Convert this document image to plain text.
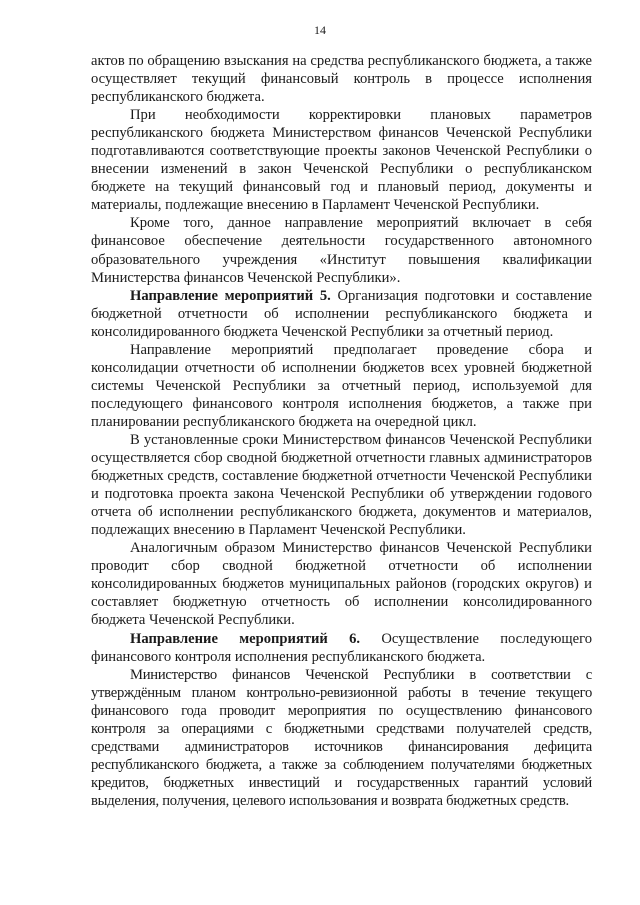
14

актов по обращению взыскания на средства республиканского бюджета, а также осуществляет текущий финансовый контроль в процессе исполнения республиканского бюджета.

При необходимости корректировки плановых параметров республиканского бюджета Министерством финансов Чеченской Республики подготавливаются соответствующие проекты законов Чеченской Республики о внесении изменений в закон Чеченской Республики о республиканском бюджете на текущий финансовый год и плановый период, документы и материалы, подлежащие внесению в Парламент Чеченской Республики.

Кроме того, данное направление мероприятий включает в себя финансовое обеспечение деятельности государственного автономного образовательного учреждения «Институт повышения квалификации Министерства финансов Чеченской Республики».

Направление мероприятий 5. Организация подготовки и составление бюджетной отчетности об исполнении республиканского бюджета и консолидированного бюджета Чеченской Республики за отчетный период.

Направление мероприятий предполагает проведение сбора и консолидации отчетности об исполнении бюджетов всех уровней бюджетной системы Чеченской Республики за отчетный период, используемой для последующего финансового контроля исполнения бюджетов, а также при планировании республиканского бюджета на очередной цикл.

В установленные сроки Министерством финансов Чеченской Республики осуществляется сбор сводной бюджетной отчетности главных администраторов бюджетных средств, составление бюджетной отчетности Чеченской Республики и подготовка проекта закона Чеченской Республики об утверждении годового отчета об исполнении республиканского бюджета, документов и материалов, подлежащих внесению в Парламент Чеченской Республики.

Аналогичным образом Министерство финансов Чеченской Республики проводит сбор сводной бюджетной отчетности об исполнении консолидированных бюджетов муниципальных районов (городских округов) и составляет бюджетную отчетность об исполнении консолидированного бюджета Чеченской Республики.

Направление мероприятий 6. Осуществление последующего финансового контроля исполнения республиканского бюджета.

Министерство финансов Чеченской Республики в соответствии с утверждённым планом контрольно-ревизионной работы в течение текущего финансового года проводит мероприятия по осуществлению финансового контроля за операциями с бюджетными средствами получателей средств, средствами администраторов источников финансирования дефицита республиканского бюджета, а также за соблюдением получателями бюджетных кредитов, бюджетных инвестиций и государственных гарантий условий выделения, получения, целевого использования и возврата бюджетных средств.
